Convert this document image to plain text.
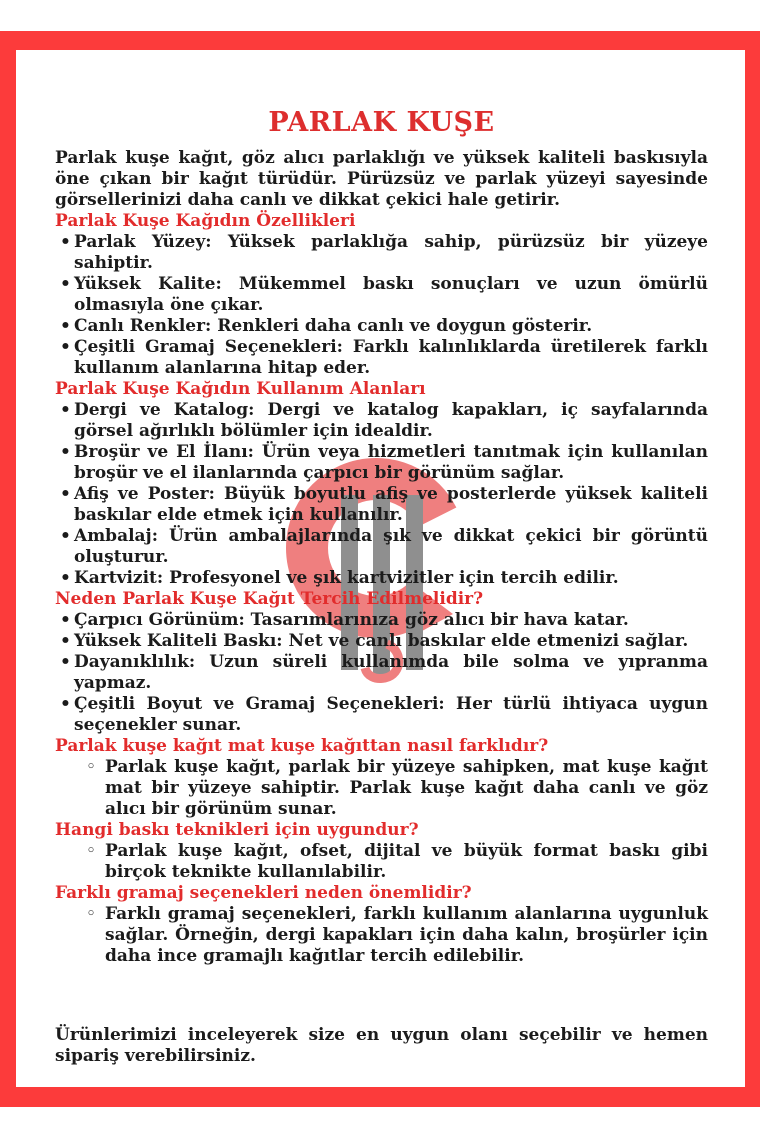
PARLAK KUŞE

Parlak kuşe kağıt, göz alıcı parlaklığı ve yüksek kaliteli baskısıyla öne çıkan bir kağıt türüdür. Pürüzsüz ve parlak yüzeyi sayesinde görsellerinizi daha canlı ve dikkat çekici hale getirir.

Parlak Kuşe Kağıdın Özellikleri
• Parlak Yüzey: Yüksek parlaklığa sahip, pürüzsüz bir yüzeye sahiptir.
• Yüksek Kalite: Mükemmel baskı sonuçları ve uzun ömürlü olmasıyla öne çıkar.
• Canlı Renkler: Renkleri daha canlı ve doygun gösterir.
• Çeşitli Gramaj Seçenekleri: Farklı kalınlıklarda üretilerek farklı kullanım alanlarına hitap eder.
Parlak Kuşe Kağıdın Kullanım Alanları
• Dergi ve Katalog: Dergi ve katalog kapakları, iç sayfalarında görsel ağırlıklı bölümler için idealdir.
• Broşür ve El İlanı: Ürün veya hizmetleri tanıtmak için kullanılan broşür ve el ilanlarında çarpıcı bir görünüm sağlar.
• Afiş ve Poster: Büyük boyutlu afiş ve posterlerde yüksek kaliteli baskılar elde etmek için kullanılır.
• Ambalaj: Ürün ambalajlarında şık ve dikkat çekici bir görüntü oluşturur.
• Kartvizit: Profesyonel ve şık kartvizitler için tercih edilir.
Neden Parlak Kuşe Kağıt Tercih Edilmelidir?
• Çarpıcı Görünüm: Tasarımlarınıza göz alıcı bir hava katar.
• Yüksek Kaliteli Baskı: Net ve canlı baskılar elde etmenizi sağlar.
• Dayanıklılık: Uzun süreli kullanımda bile solma ve yıpranma yapmaz.
• Çeşitli Boyut ve Gramaj Seçenekleri: Her türlü ihtiyaca uygun seçenekler sunar.
Parlak kuşe kağıt mat kuşe kağıttan nasıl farklıdır?
◦ Parlak kuşe kağıt, parlak bir yüzeye sahipken, mat kuşe kağıt mat bir yüzeye sahiptir. Parlak kuşe kağıt daha canlı ve göz alıcı bir görünüm sunar.
Hangi baskı teknikleri için uygundur?
◦ Parlak kuşe kağıt, ofset, dijital ve büyük format baskı gibi birçok teknikte kullanılabilir.
Farklı gramaj seçenekleri neden önemlidir?
◦ Farklı gramaj seçenekleri, farklı kullanım alanlarına uygunluk sağlar. Örneğin, dergi kapakları için daha kalın, broşürler için daha ince gramajlı kağıtlar tercih edilebilir.

Ürünlerimizi inceleyerek size en uygun olanı seçebilir ve hemen sipariş verebilirsiniz.
